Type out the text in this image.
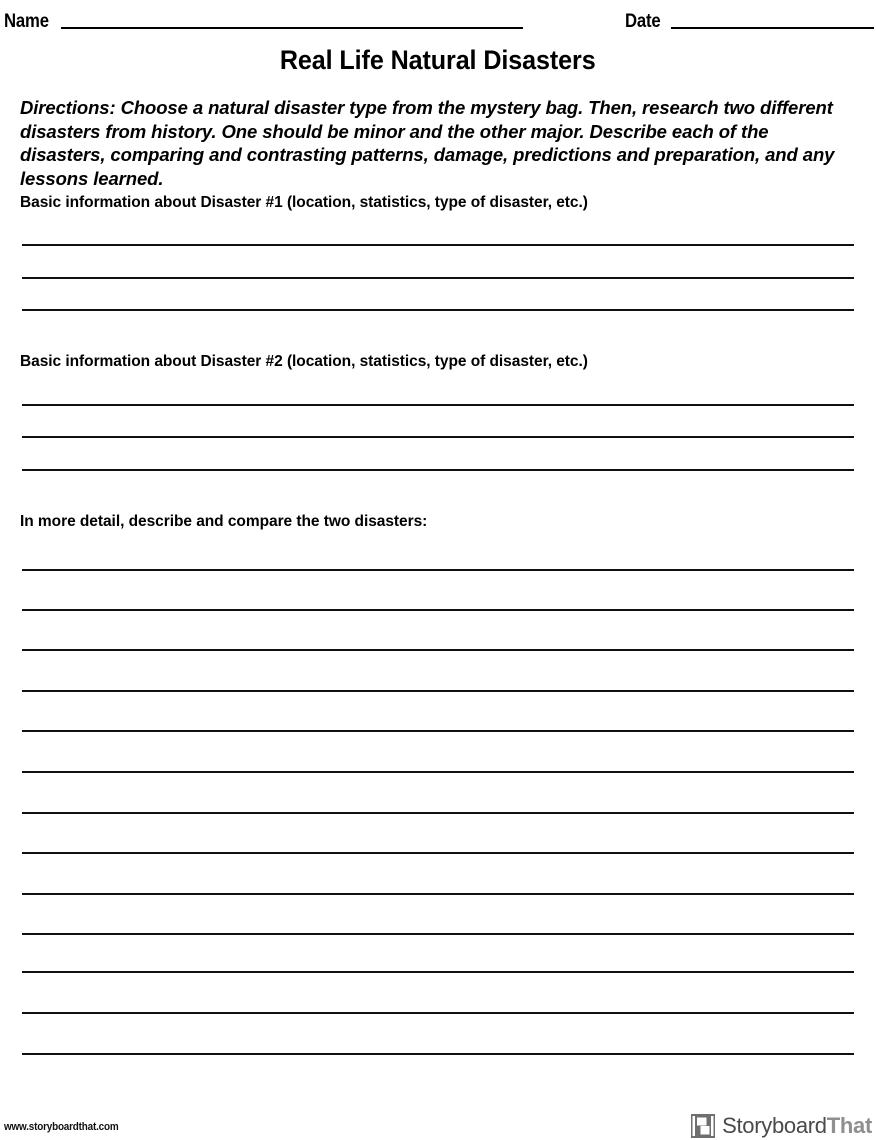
Name	Date
Real Life Natural Disasters
Directions: Choose a natural disaster type from the mystery bag. Then, research two different disasters from history. One should be minor and the other major. Describe each of the disasters, comparing and contrasting patterns, damage, predictions and preparation, and any lessons learned.
Basic information about Disaster #1 (location, statistics, type of disaster, etc.)
Basic information about Disaster #2 (location, statistics, type of disaster, etc.)
In more detail, describe and compare the two disasters:
www.storyboardthat.com	StoryboardThat
